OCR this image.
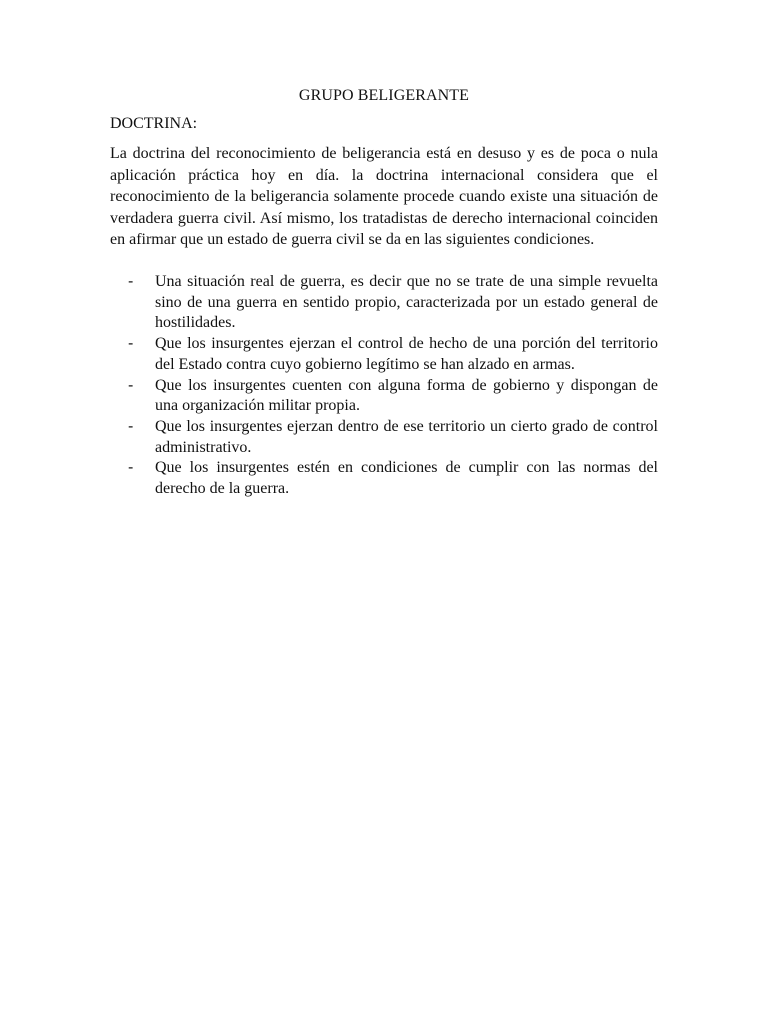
GRUPO BELIGERANTE
DOCTRINA:

La doctrina del reconocimiento de beligerancia está en desuso y es de poca o nula aplicación práctica hoy en día. la doctrina internacional considera que el reconocimiento de la beligerancia solamente procede cuando existe una situación de verdadera guerra civil. Así mismo, los tratadistas de derecho internacional coinciden en afirmar que un estado de guerra civil se da en las siguientes condiciones.

- Una situación real de guerra, es decir que no se trate de una simple revuelta sino de una guerra en sentido propio, caracterizada por un estado general de hostilidades.
- Que los insurgentes ejerzan el control de hecho de una porción del territorio del Estado contra cuyo gobierno legítimo se han alzado en armas.
- Que los insurgentes cuenten con alguna forma de gobierno y dispongan de una organización militar propia.
- Que los insurgentes ejerzan dentro de ese territorio un cierto grado de control administrativo.
- Que los insurgentes estén en condiciones de cumplir con las normas del derecho de la guerra.
